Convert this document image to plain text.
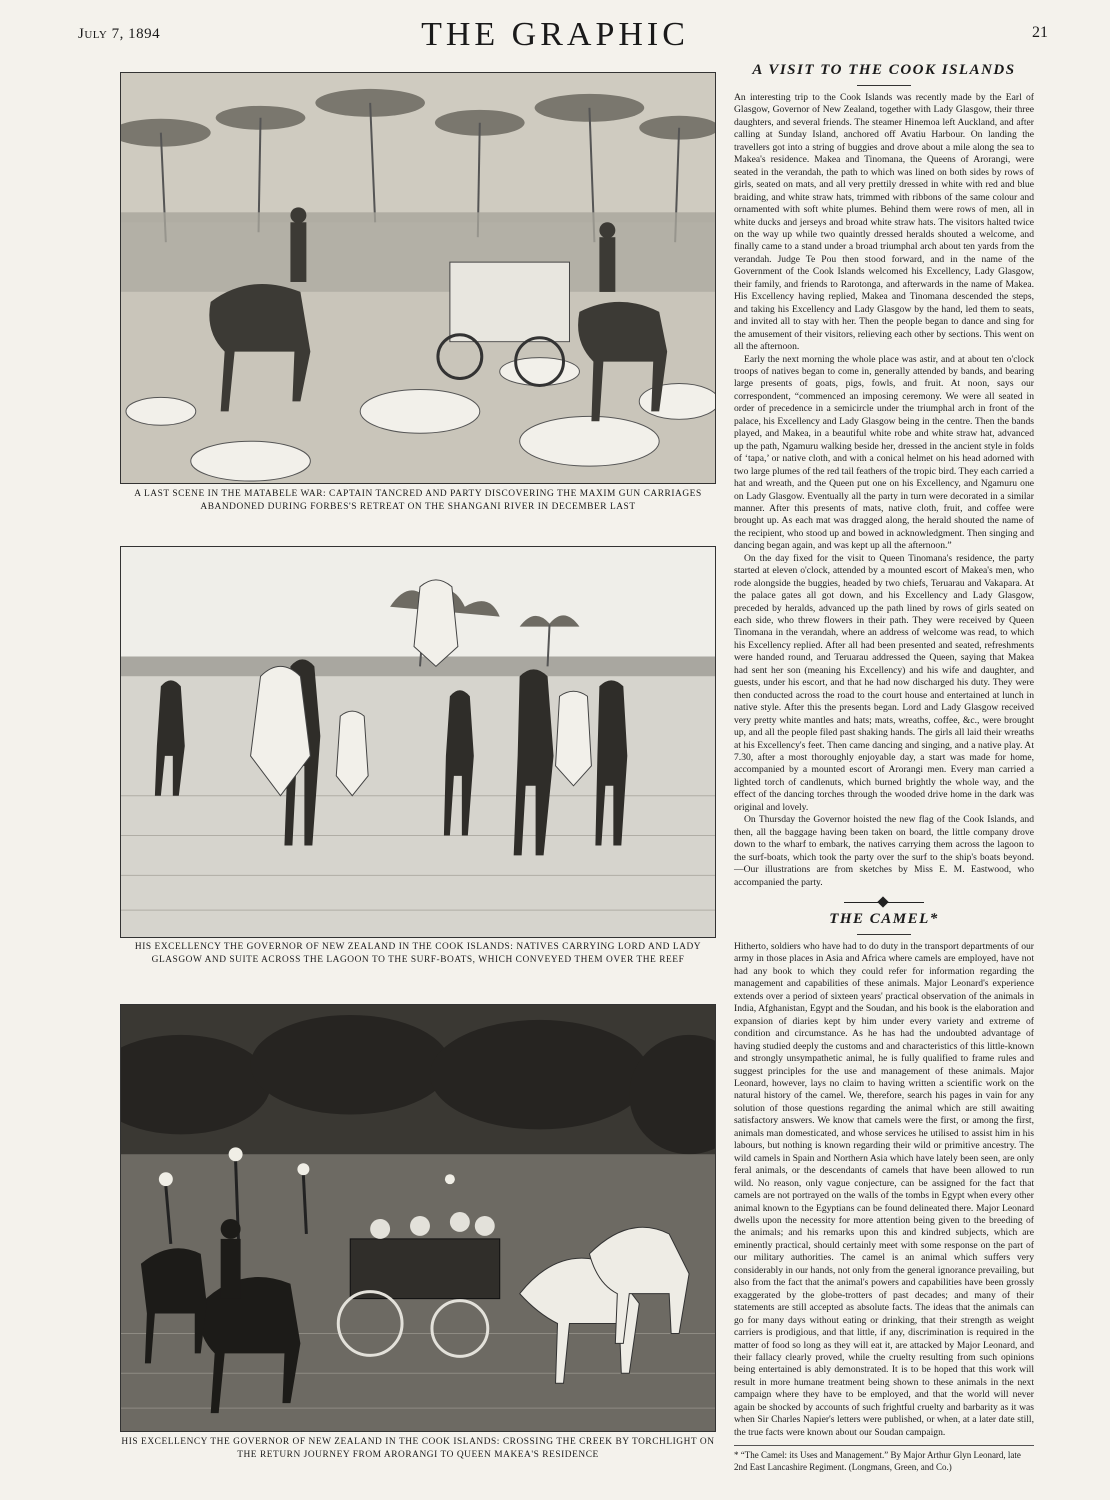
July 7, 1894	THE GRAPHIC	21

A LAST SCENE IN THE MATABELE WAR: CAPTAIN TANCRED AND PARTY DISCOVERING THE MAXIM GUN CARRIAGES ABANDONED DURING FORBES'S RETREAT ON THE SHANGANI RIVER IN DECEMBER LAST

HIS EXCELLENCY THE GOVERNOR OF NEW ZEALAND IN THE COOK ISLANDS: NATIVES CARRYING LORD AND LADY GLASGOW AND SUITE ACROSS THE LAGOON TO THE SURF-BOATS, WHICH CONVEYED THEM OVER THE REEF

HIS EXCELLENCY THE GOVERNOR OF NEW ZEALAND IN THE COOK ISLANDS: CROSSING THE CREEK BY TORCHLIGHT ON THE RETURN JOURNEY FROM ARORANGI TO QUEEN MAKEA'S RESIDENCE

A VISIT TO THE COOK ISLANDS

An interesting trip to the Cook Islands was recently made by the Earl of Glasgow, Governor of New Zealand, together with Lady Glasgow, their three daughters, and several friends. The steamer Hinemoa left Auckland, and after calling at Sunday Island, anchored off Avatiu Harbour. On landing the travellers got into a string of buggies and drove about a mile along the sea to Makea's residence. Makea and Tinomana, the Queens of Arorangi, were seated in the verandah, the path to which was lined on both sides by rows of girls, seated on mats, and all very prettily dressed in white with red and blue braiding, and white straw hats, trimmed with ribbons of the same colour and ornamented with soft white plumes. Behind them were rows of men, all in white ducks and jerseys and broad white straw hats. The visitors halted twice on the way up while two quaintly dressed heralds shouted a welcome, and finally came to a stand under a broad triumphal arch about ten yards from the verandah. Judge Te Pou then stood forward, and in the name of the Government of the Cook Islands welcomed his Excellency, Lady Glasgow, their family, and friends to Rarotonga, and afterwards in the name of Makea. His Excellency having replied, Makea and Tinomana descended the steps, and taking his Excellency and Lady Glasgow by the hand, led them to seats, and invited all to stay with her. Then the people began to dance and sing for the amusement of their visitors, relieving each other by sections. This went on all the afternoon.

Early the next morning the whole place was astir, and at about ten o'clock troops of natives began to come in, generally attended by bands, and bearing large presents of goats, pigs, fowls, and fruit. At noon, says our correspondent, “commenced an imposing ceremony. We were all seated in order of precedence in a semicircle under the triumphal arch in front of the palace, his Excellency and Lady Glasgow being in the centre. Then the bands played, and Makea, in a beautiful white robe and white straw hat, advanced up the path, Ngamuru walking beside her, dressed in the ancient style in folds of ‘tapa,’ or native cloth, and with a conical helmet on his head adorned with two large plumes of the red tail feathers of the tropic bird. They each carried a hat and wreath, and the Queen put one on his Excellency, and Ngamuru one on Lady Glasgow. Eventually all the party in turn were decorated in a similar manner. After this presents of mats, native cloth, fruit, and coffee were brought up. As each mat was dragged along, the herald shouted the name of the recipient, who stood up and bowed in acknowledgment. Then singing and dancing began again, and was kept up all the afternoon.”

On the day fixed for the visit to Queen Tinomana's residence, the party started at eleven o'clock, attended by a mounted escort of Makea's men, who rode alongside the buggies, headed by two chiefs, Teruarau and Vakapara. At the palace gates all got down, and his Excellency and Lady Glasgow, preceded by heralds, advanced up the path lined by rows of girls seated on each side, who threw flowers in their path. They were received by Queen Tinomana in the verandah, where an address of welcome was read, to which his Excellency replied. After all had been presented and seated, refreshments were handed round, and Teruarau addressed the Queen, saying that Makea had sent her son (meaning his Excellency) and his wife and daughter, and guests, under his escort, and that he had now discharged his duty. They were then conducted across the road to the court house and entertained at lunch in native style. After this the presents began. Lord and Lady Glasgow received very pretty white mantles and hats; mats, wreaths, coffee, &c., were brought up, and all the people filed past shaking hands. The girls all laid their wreaths at his Excellency's feet. Then came dancing and singing, and a native play. At 7.30, after a most thoroughly enjoyable day, a start was made for home, accompanied by a mounted escort of Arorangi men. Every man carried a lighted torch of candlenuts, which burned brightly the whole way, and the effect of the dancing torches through the wooded drive home in the dark was original and lovely.

On Thursday the Governor hoisted the new flag of the Cook Islands, and then, all the baggage having been taken on board, the little company drove down to the wharf to embark, the natives carrying them across the lagoon to the surf-boats, which took the party over the surf to the ship's boats beyond.—Our illustrations are from sketches by Miss E. M. Eastwood, who accompanied the party.

THE CAMEL*

Hitherto, soldiers who have had to do duty in the transport departments of our army in those places in Asia and Africa where camels are employed, have not had any book to which they could refer for information regarding the management and capabilities of these animals. Major Leonard's experience extends over a period of sixteen years' practical observation of the animals in India, Afghanistan, Egypt and the Soudan, and his book is the elaboration and expansion of diaries kept by him under every variety and extreme of condition and circumstance. As he has had the undoubted advantage of having studied deeply the customs and and characteristics of this little-known and strongly unsympathetic animal, he is fully qualified to frame rules and suggest principles for the use and management of these animals. Major Leonard, however, lays no claim to having written a scientific work on the natural history of the camel. We, therefore, search his pages in vain for any solution of those questions regarding the animal which are still awaiting satisfactory answers. We know that camels were the first, or among the first, animals man domesticated, and whose services he utilised to assist him in his labours, but nothing is known regarding their wild or primitive ancestry. The wild camels in Spain and Northern Asia which have lately been seen, are only feral animals, or the descendants of camels that have been allowed to run wild. No reason, only vague conjecture, can be assigned for the fact that camels are not portrayed on the walls of the tombs in Egypt when every other animal known to the Egyptians can be found delineated there. Major Leonard dwells upon the necessity for more attention being given to the breeding of the animals; and his remarks upon this and kindred subjects, which are eminently practical, should certainly meet with some response on the part of our military authorities. The camel is an animal which suffers very considerably in our hands, not only from the general ignorance prevailing, but also from the fact that the animal's powers and capabilities have been grossly exaggerated by the globe-trotters of past decades; and many of their statements are still accepted as absolute facts. The ideas that the animals can go for many days without eating or drinking, that their strength as weight carriers is prodigious, and that little, if any, discrimination is required in the matter of food so long as they will eat it, are attacked by Major Leonard, and their fallacy clearly proved, while the cruelty resulting from such opinions being entertained is ably demonstrated. It is to be hoped that this work will result in more humane treatment being shown to these animals in the next campaign where they have to be employed, and that the world will never again be shocked by accounts of such frightful cruelty and barbarity as it was when Sir Charles Napier's letters were published, or when, at a later date still, the true facts were known about our Soudan campaign.

* “The Camel: its Uses and Management.” By Major Arthur Glyn Leonard, late 2nd East Lancashire Regiment. (Longmans, Green, and Co.)
